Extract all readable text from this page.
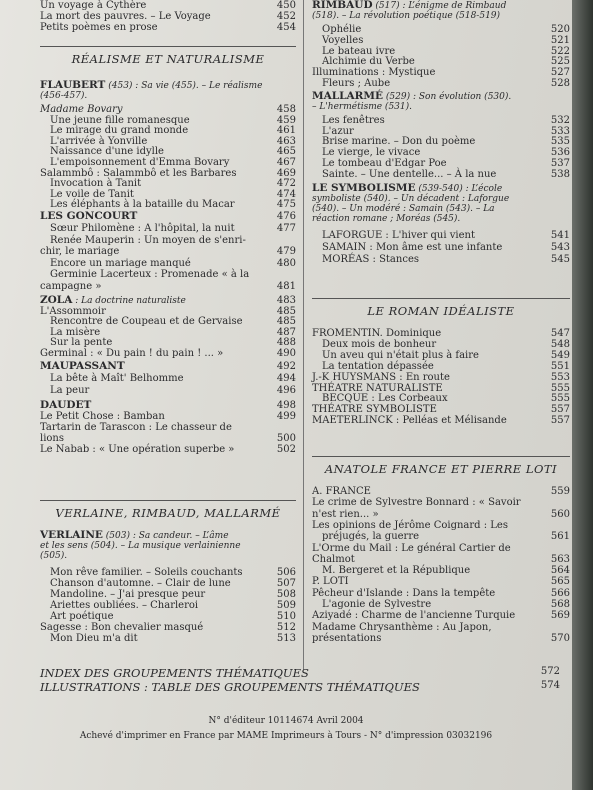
Un voyage à Cythère	450
La mort des pauvres. – Le Voyage	452
Petits poèmes en prose	454
RÉALISME ET NATURALISME
FLAUBERT (453) : Sa vie (455). – Le réalisme
(456-457).
Madame Bovary	458
Une jeune fille romanesque	459
Le mirage du grand monde	461
L'arrivée à Yonville	463
Naissance d'une idylle	465
L'empoisonnement d'Emma Bovary	467
Salammbô : Salammbô et les Barbares	469
Invocation à Tanit	472
Le voile de Tanit	474
Les éléphants à la bataille du Macar	475
LES GONCOURT	476
Sœur Philomène : A l'hôpital, la nuit	477
Renée Mauperin : Un moyen de s'enri-
chir, le mariage	479
Encore un mariage manqué	480
Germinie Lacerteux : Promenade « à la
campagne »	481
ZOLA : La doctrine naturaliste	483
L'Assommoir	485
Rencontre de Coupeau et de Gervaise	485
La misère	487
Sur la pente	488
Germinal : « Du pain ! du pain ! ... »	490
MAUPASSANT	492
La bête à Maît' Belhomme	494
La peur	496
DAUDET	498
Le Petit Chose : Bamban	499
Tartarin de Tarascon : Le chasseur de
lions	500
Le Nabab : « Une opération superbe »	502
VERLAINE, RIMBAUD, MALLARMÉ
VERLAINE (503) : Sa candeur. – L’âme
et les sens (504). – La musique verlainienne
(505).
Mon rêve familier. – Soleils couchants	506
Chanson d'automne. – Clair de lune	507
Mandoline. – J'ai presque peur	508
Ariettes oubliées. – Charleroi	509
Art poétique	510
Sagesse : Bon chevalier masqué	512
Mon Dieu m'a dit	513
RIMBAUD (517) : L’énigme de Rimbaud
(518). – La révolution poétique (518-519)
Ophélie	520
Voyelles	521
Le bateau ivre	522
Alchimie du Verbe	525
Illuminations : Mystique	527
Fleurs ; Aube	528
MALLARMÉ (529) : Son évolution (530).
– L'hermétisme (531).
Les fenêtres	532
L'azur	533
Brise marine. – Don du poème	535
Le vierge, le vivace	536
Le tombeau d'Edgar Poe	537
Sainte. – Une dentelle... – À la nue	538
LE SYMBOLISME (539-540) : L’école
symboliste (540). – Un décadent : Laforgue
(540). – Un modéré : Samain (543). – La
réaction romane ; Moréas (545).
LAFORGUE : L'hiver qui vient	541
SAMAIN : Mon âme est une infante	543
MORÉAS : Stances	545
LE ROMAN IDÉALISTE
FROMENTIN. Dominique	547
Deux mois de bonheur	548
Un aveu qui n'était plus à faire	549
La tentation dépassée	551
J.-K HUYSMANS : En route	553
THÉATRE NATURALISTE	555
BECQUE : Les Corbeaux	555
THÉATRE SYMBOLISTE	557
MAETERLINCK : Pelléas et Mélisande	557
ANATOLE FRANCE ET PIERRE LOTI
A. FRANCE	559
Le crime de Sylvestre Bonnard : « Savoir
n'est rien... »	560
Les opinions de Jérôme Coignard : Les
préjugés, la guerre	561
L'Orme du Mail : Le général Cartier de
Chalmot	563
M. Bergeret et la République	564
P. LOTI	565
Pêcheur d'Islande : Dans la tempête	566
L'agonie de Sylvestre	568
Aziyadé : Charme de l'ancienne Turquie	569
Madame Chrysanthème : Au Japon,
présentations	570
INDEX DES GROUPEMENTS THÉMATIQUES	572
ILLUSTRATIONS : TABLE DES GROUPEMENTS THÉMATIQUES	574
N° d'éditeur 10114674 Avril 2004
Achevé d'imprimer en France par MAME Imprimeurs à Tours - N° d'impression 03032196
